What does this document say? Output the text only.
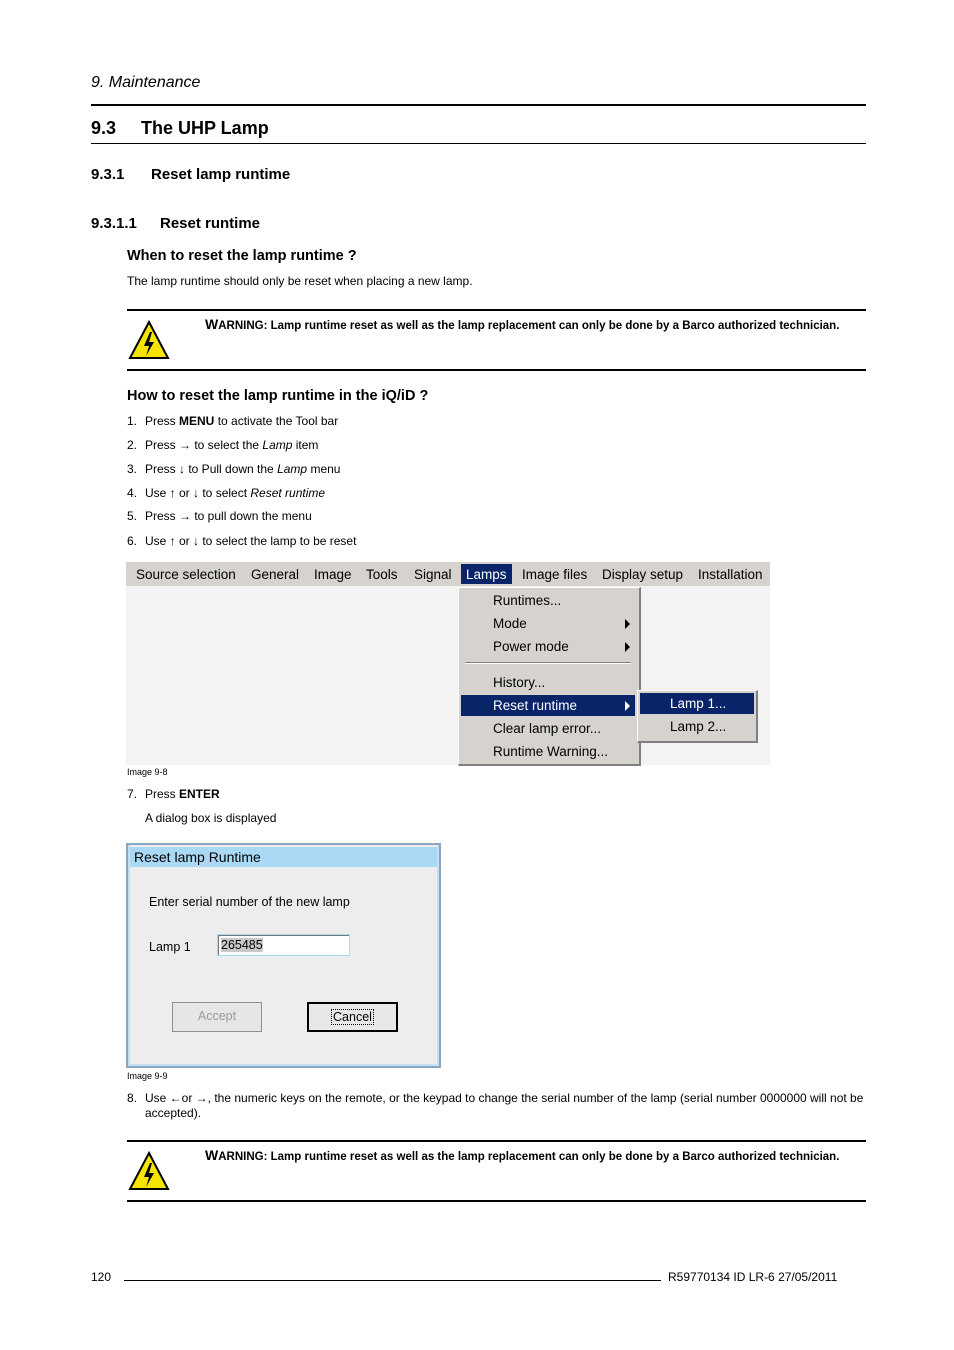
9. Maintenance
9.3 The UHP Lamp
9.3.1 Reset lamp runtime
9.3.1.1 Reset runtime
When to reset the lamp runtime ?
The lamp runtime should only be reset when placing a new lamp.
WARNING: Lamp runtime reset as well as the lamp replacement can only be done by a Barco authorized technician.
How to reset the lamp runtime in the iQ/iD ?
1. Press MENU to activate the Tool bar
2. Press → to select the Lamp item
3. Press ↓ to Pull down the Lamp menu
4. Use ↑ or ↓ to select Reset runtime
5. Press → to pull down the menu
6. Use ↑ or ↓ to select the lamp to be reset
Source selection General Image Tools Signal	Lamps	Image files Display setup Installation
Runtimes...
Mode
Power mode
History...
Reset runtime
Clear lamp error...
Runtime Warning...
Lamp 1...
Lamp 2...
Image 9-8
7. Press ENTER
A dialog box is displayed
Reset lamp Runtime
Enter serial number of the new lamp
Lamp 1 265485
Accept	Cancel
Image 9-9
8. Use ←or →, the numeric keys on the remote, or the keypad to change the serial number of the lamp (serial number 0000000 will not be accepted).
WARNING: Lamp runtime reset as well as the lamp replacement can only be done by a Barco authorized technician.
120	R59770134 ID LR-6 27/05/2011
